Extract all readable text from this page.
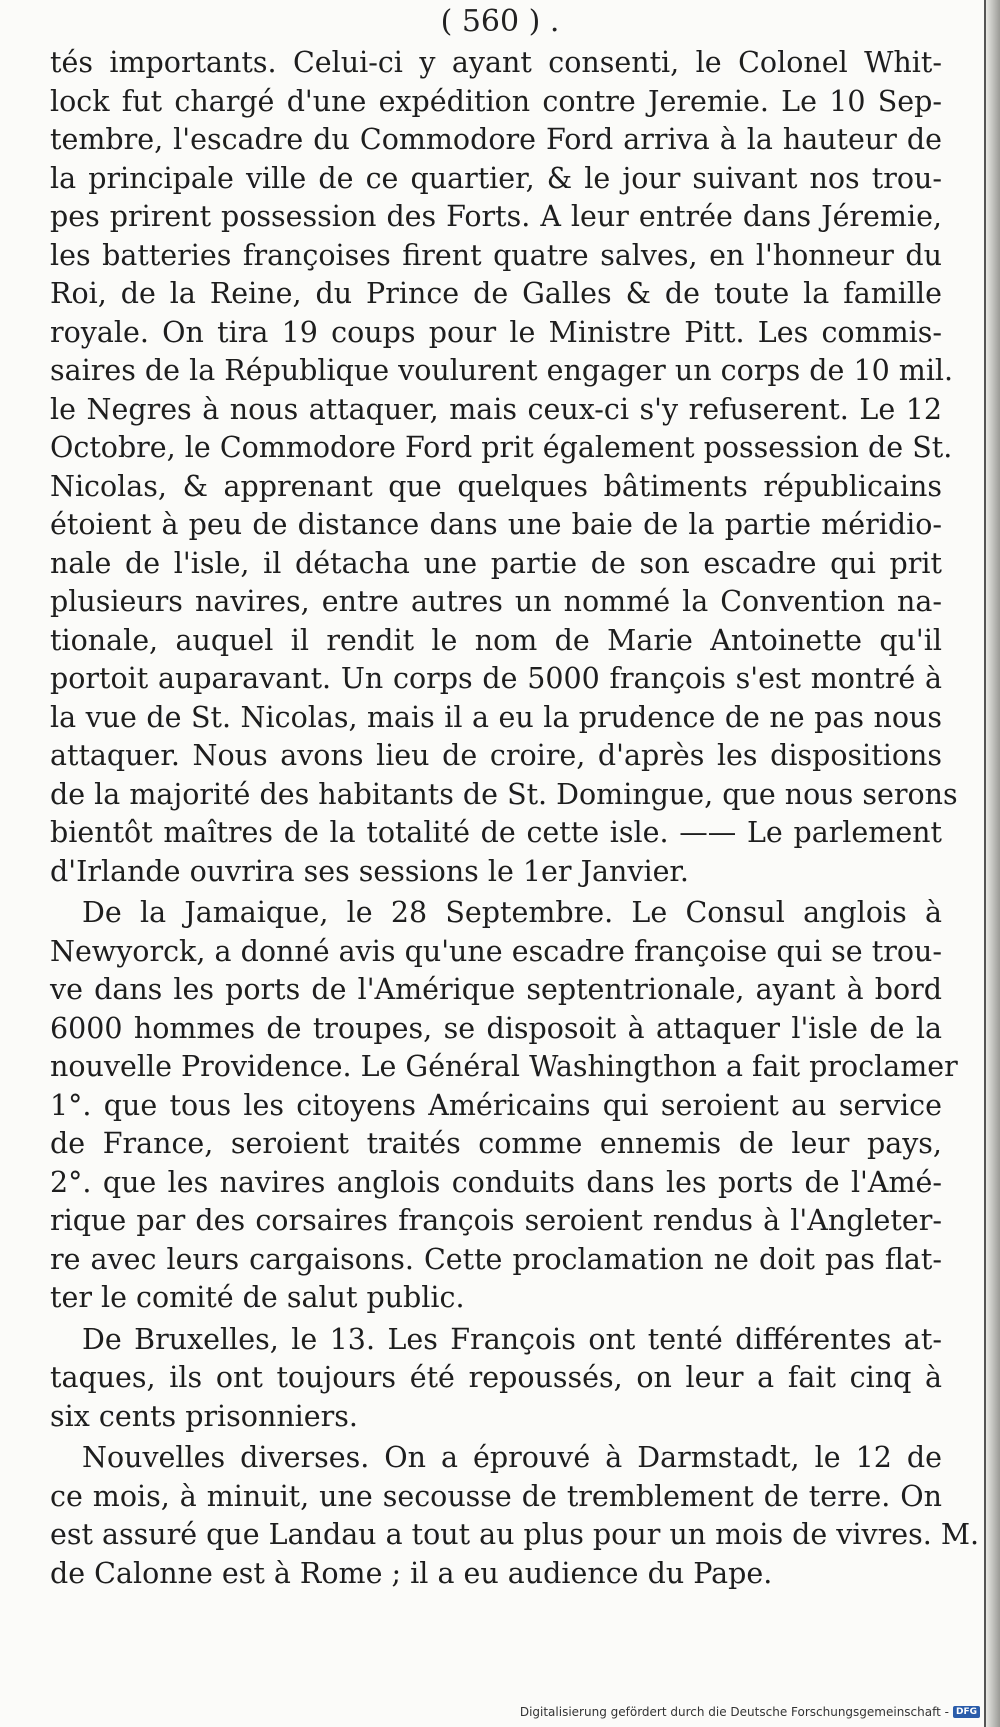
( 560 ) .
tés importants. Celui-ci y ayant consenti, le Colonel Whit-
lock fut chargé d'une expédition contre Jeremie. Le 10 Sep-
tembre, l'escadre du Commodore Ford arriva à la hauteur de
la principale ville de ce quartier, & le jour suivant nos trou-
pes prirent possession des Forts. A leur entrée dans Jéremie,
les batteries françoises firent quatre salves, en l'honneur du
Roi, de la Reine, du Prince de Galles & de toute la famille
royale. On tira 19 coups pour le Ministre Pitt. Les commis-
saires de la République voulurent engager un corps de 10 mil.
le Negres à nous attaquer, mais ceux-ci s'y refuserent. Le 12
Octobre, le Commodore Ford prit également possession de St.
Nicolas, & apprenant que quelques bâtiments républicains
étoient à peu de distance dans une baie de la partie méridio-
nale de l'isle, il détacha une partie de son escadre qui prit
plusieurs navires, entre autres un nommé la Convention na-
tionale, auquel il rendit le nom de Marie Antoinette qu'il
portoit auparavant. Un corps de 5000 françois s'est montré à
la vue de St. Nicolas, mais il a eu la prudence de ne pas nous
attaquer. Nous avons lieu de croire, d'après les dispositions
de la majorité des habitants de St. Domingue, que nous serons
bientôt maîtres de la totalité de cette isle. —— Le parlement
d'Irlande ouvrira ses sessions le 1er Janvier.
De la Jamaique, le 28 Septembre. Le Consul anglois à
Newyorck, a donné avis qu'une escadre françoise qui se trou-
ve dans les ports de l'Amérique septentrionale, ayant à bord
6000 hommes de troupes, se disposoit à attaquer l'isle de la
nouvelle Providence. Le Général Washingthon a fait proclamer
1°. que tous les citoyens Américains qui seroient au service
de France, seroient traités comme ennemis de leur pays,
2°. que les navires anglois conduits dans les ports de l'Amé-
rique par des corsaires françois seroient rendus à l'Angleter-
re avec leurs cargaisons. Cette proclamation ne doit pas flat-
ter le comité de salut public.
De Bruxelles, le 13. Les François ont tenté différentes at-
taques, ils ont toujours été repoussés, on leur a fait cinq à
six cents prisonniers.
Nouvelles diverses. On a éprouvé à Darmstadt, le 12 de
ce mois, à minuit, une secousse de tremblement de terre. On
est assuré que Landau a tout au plus pour un mois de vivres. M.
de Calonne est à Rome ; il a eu audience du Pape.
Digitalisierung gefördert durch die Deutsche Forschungsgemeinschaft - DFG
